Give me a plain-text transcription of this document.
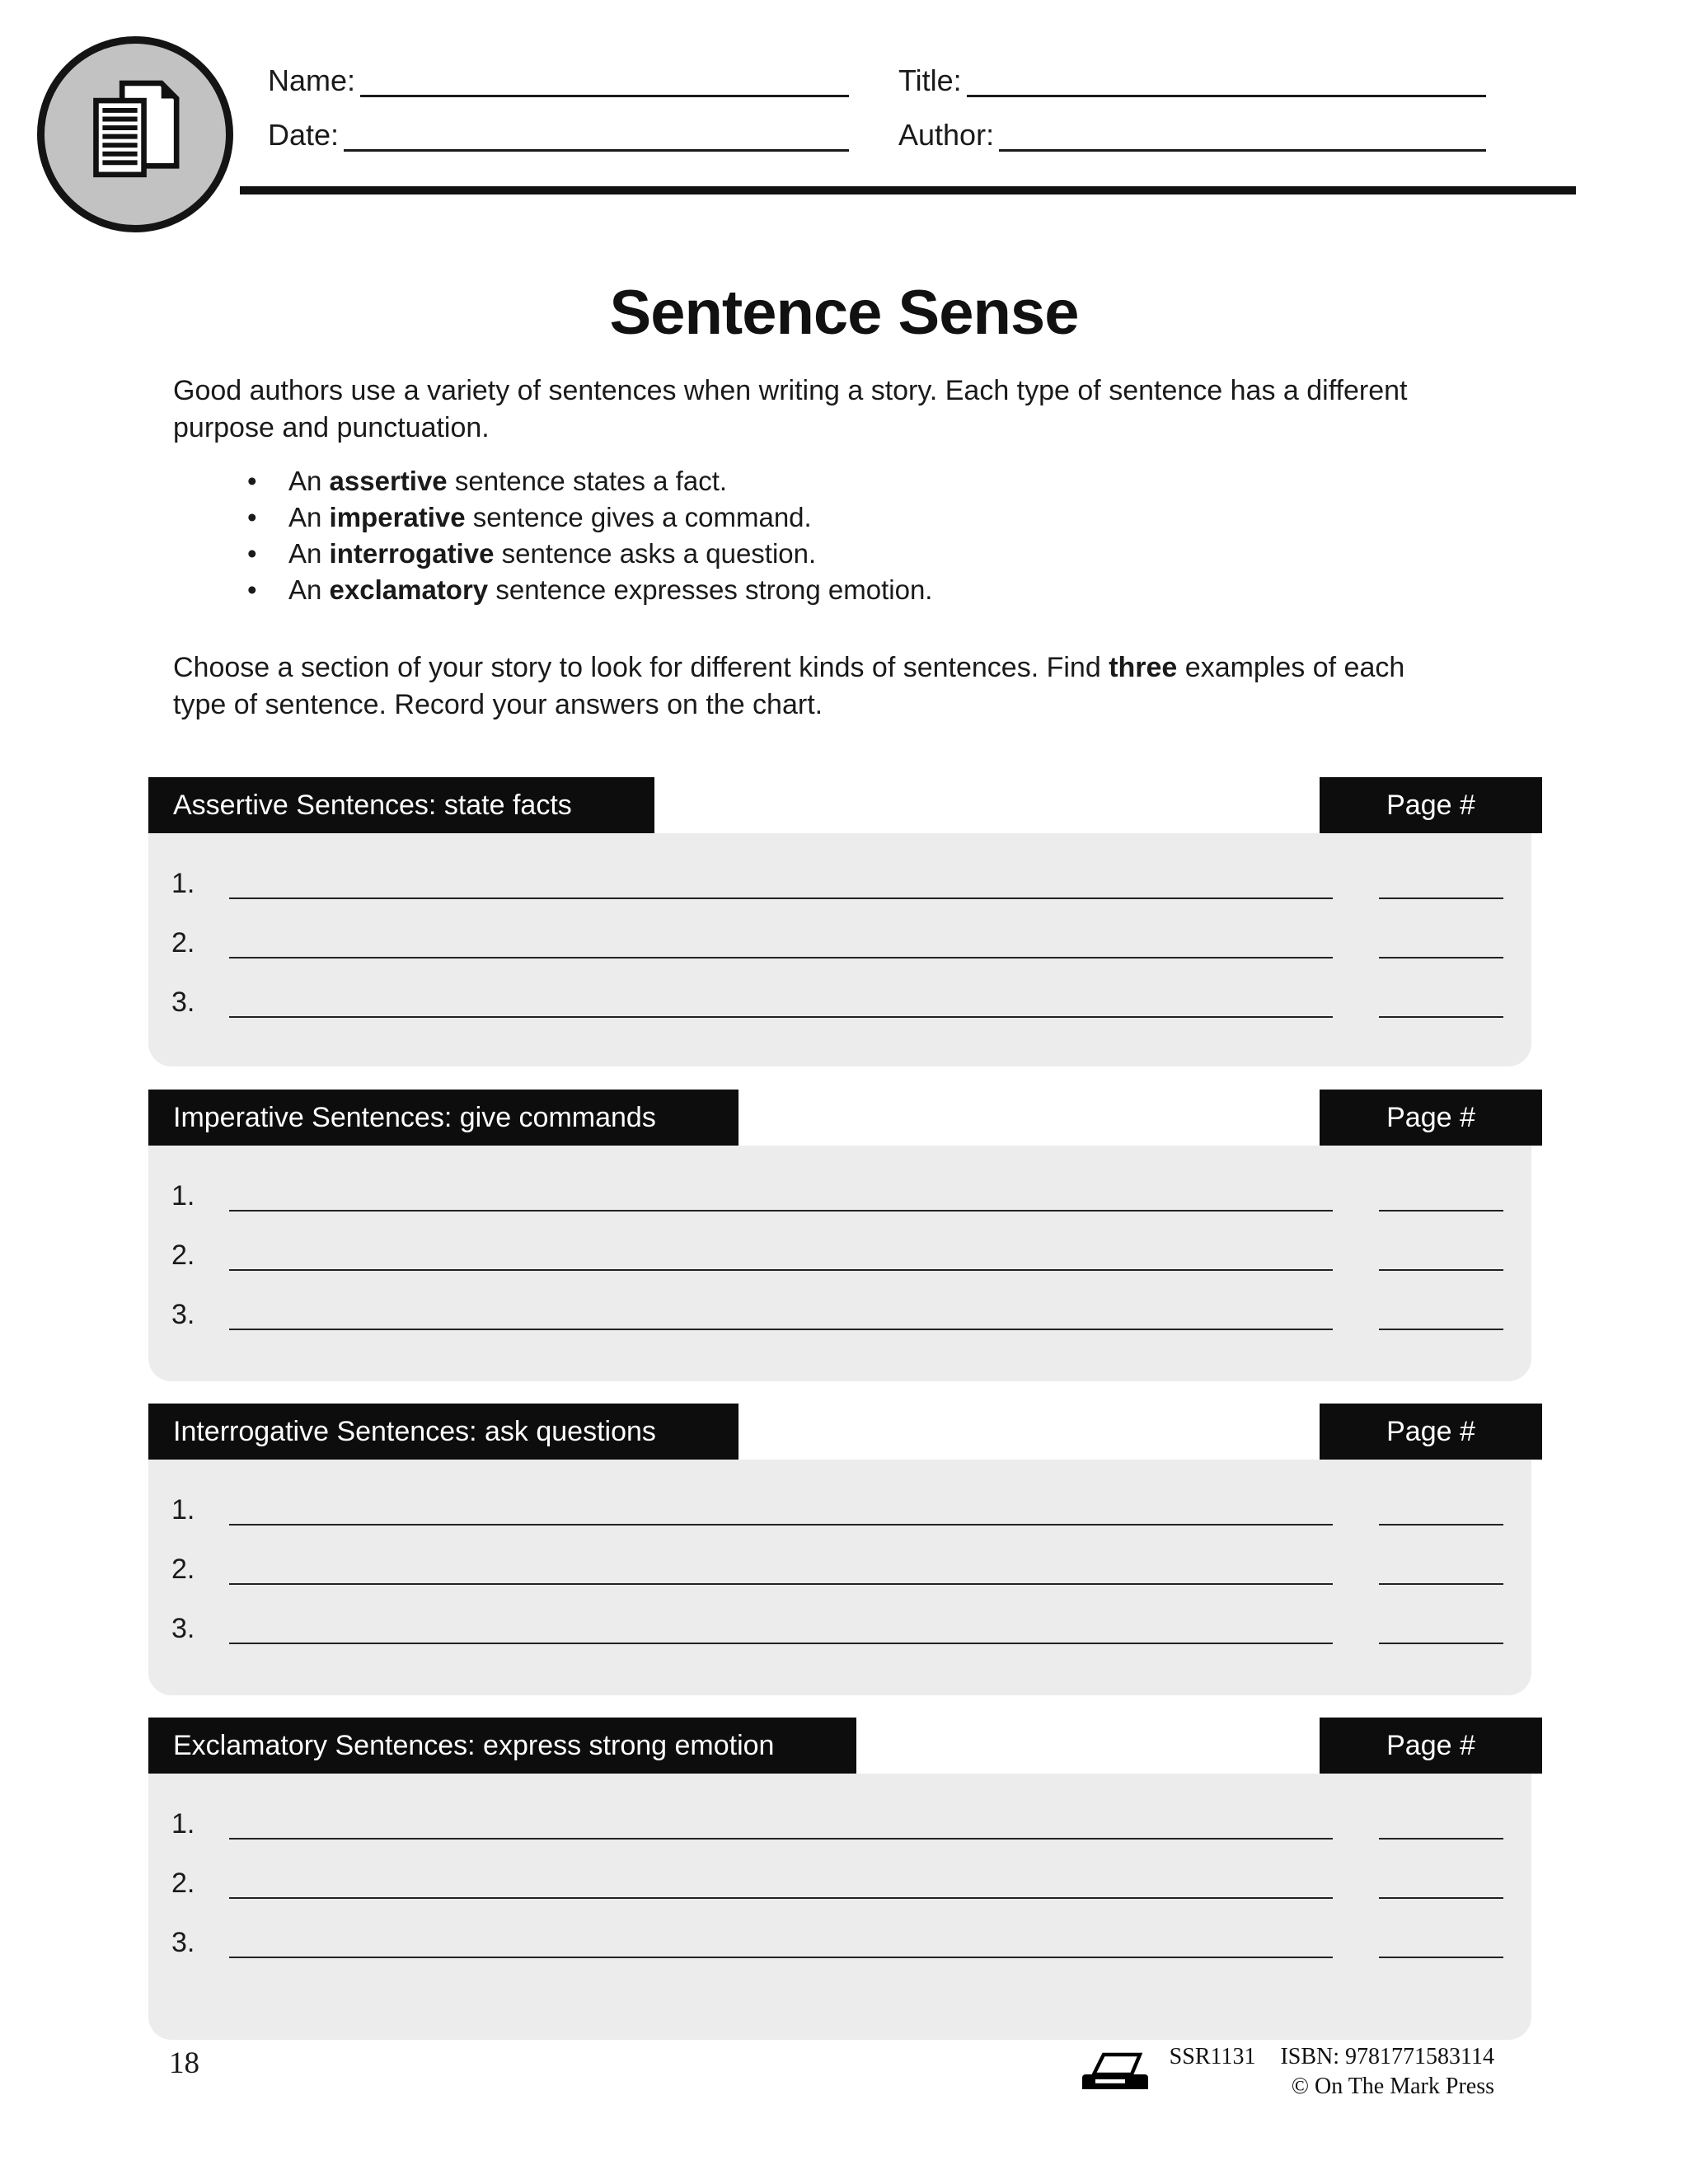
Name:	Title:
Date:	Author:
Sentence Sense
Good authors use a variety of sentences when writing a story. Each type of sentence has a different purpose and punctuation.
•	An assertive sentence states a fact.
•	An imperative sentence gives a command.
•	An interrogative sentence asks a question.
•	An exclamatory sentence expresses strong emotion.
Choose a section of your story to look for different kinds of sentences. Find three examples of each type of sentence. Record your answers on the chart.
Assertive Sentences: state facts	Page #
1.
2.
3.
Imperative Sentences: give commands	Page #
1.
2.
3.
Interrogative Sentences: ask questions	Page #
1.
2.
3.
Exclamatory Sentences: express strong emotion	Page #
1.
2.
3.
18	SSR1131 ISBN: 9781771583114
© On The Mark Press
